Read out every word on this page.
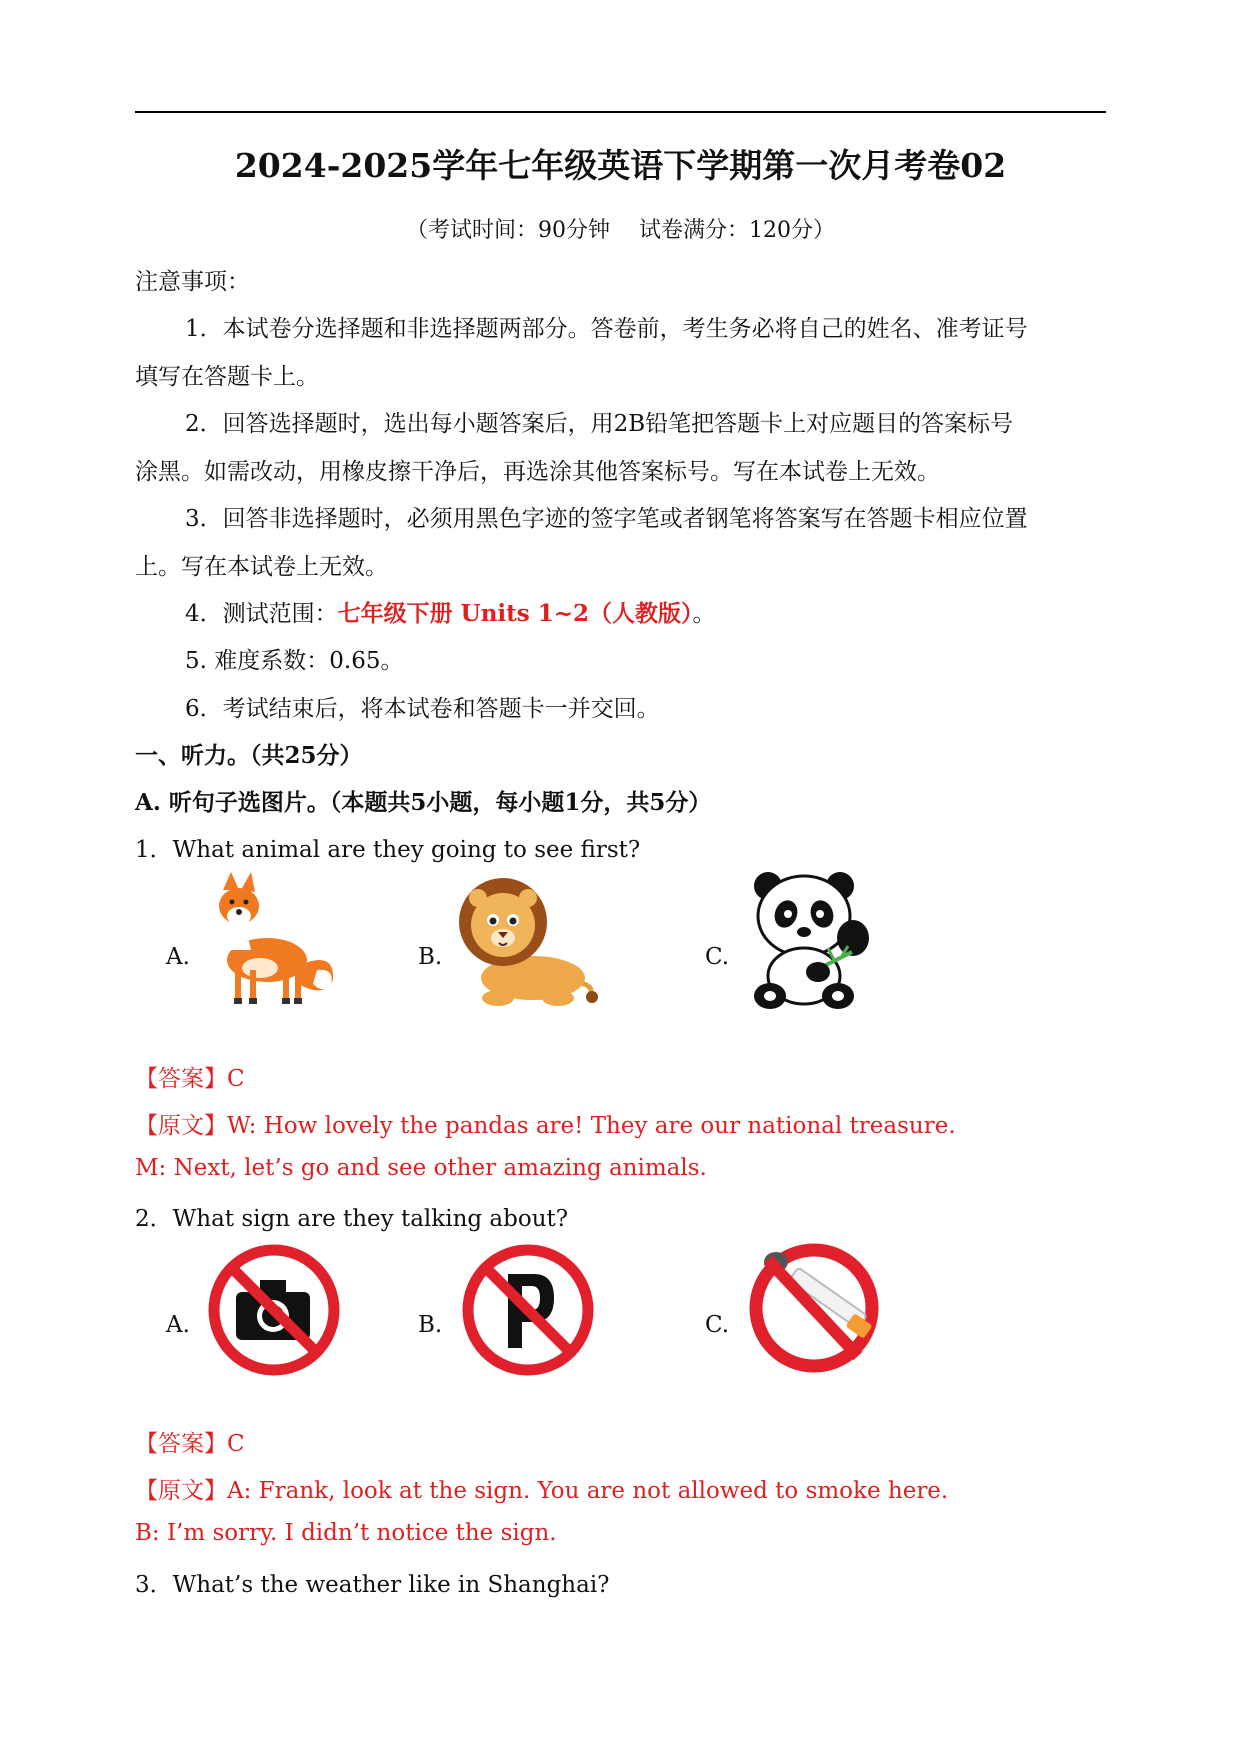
2024-2025学年七年级英语下学期第一次月考卷02
（考试时间：90分钟　 试卷满分：120分）
注意事项：
1．本试卷分选择题和非选择题两部分。答卷前，考生务必将自己的姓名、准考证号
填写在答题卡上。
2．回答选择题时，选出每小题答案后，用2B铅笔把答题卡上对应题目的答案标号
涂黑。如需改动，用橡皮擦干净后，再选涂其他答案标号。写在本试卷上无效。
3．回答非选择题时，必须用黑色字迹的签字笔或者钢笔将答案写在答题卡相应位置
上。写在本试卷上无效。
4．测试范围：七年级下册 Units 1~2（人教版）。
5. 难度系数：0.65。
6．考试结束后，将本试卷和答题卡一并交回。
一、听力。（共25分）
A. 听句子选图片。（本题共5小题，每小题1分，共5分）
1．What animal are they going to see first?
A.	B.	C.
【答案】C
【原文】W: How lovely the pandas are! They are our national treasure.
M: Next, let’s go and see other amazing animals.
2．What sign are they talking about?
A.	B.	C.
【答案】C
【原文】A: Frank, look at the sign. You are not allowed to smoke here.
B: I’m sorry. I didn’t notice the sign.
3．What’s the weather like in Shanghai?
